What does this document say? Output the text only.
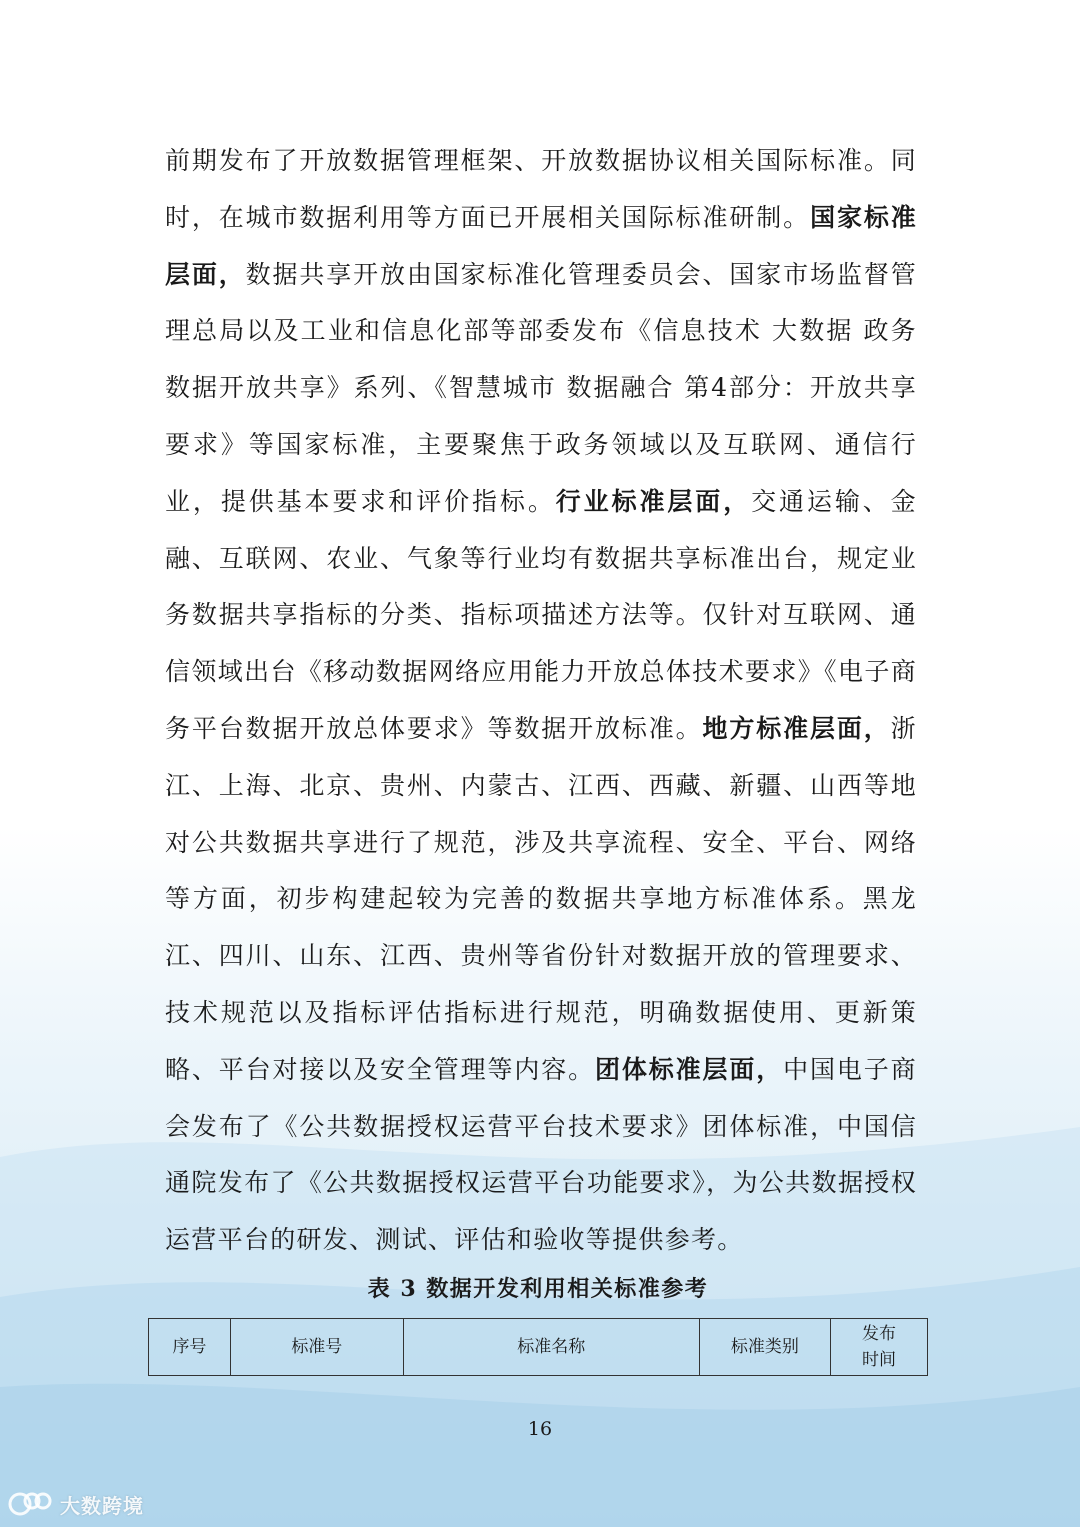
前期发布了开放数据管理框架、开放数据协议相关国际标准。同时，在城市数据利用等方面已开展相关国际标准研制。国家标准层面，数据共享开放由国家标准化管理委员会、国家市场监督管理总局以及工业和信息化部等部委发布《信息技术 大数据 政务数据开放共享》系列、《智慧城市 数据融合 第4部分：开放共享要求》等国家标准，主要聚焦于政务领域以及互联网、通信行业，提供基本要求和评价指标。行业标准层面，交通运输、金融、互联网、农业、气象等行业均有数据共享标准出台，规定业务数据共享指标的分类、指标项描述方法等。仅针对互联网、通信领域出台《移动数据网络应用能力开放总体技术要求》《电子商务平台数据开放总体要求》等数据开放标准。地方标准层面，浙江、上海、北京、贵州、内蒙古、江西、西藏、新疆、山西等地对公共数据共享进行了规范，涉及共享流程、安全、平台、网络等方面，初步构建起较为完善的数据共享地方标准体系。黑龙江、四川、山东、江西、贵州等省份针对数据开放的管理要求、技术规范以及指标评估指标进行规范，明确数据使用、更新策略、平台对接以及安全管理等内容。团体标准层面，中国电子商会发布了《公共数据授权运营平台技术要求》团体标准，中国信通院发布了《公共数据授权运营平台功能要求》，为公共数据授权运营平台的研发、测试、评估和验收等提供参考。

表 3 数据开发利用相关标准参考
序号	标准号	标准名称	标准类别	发布
时间
16
大数跨境
